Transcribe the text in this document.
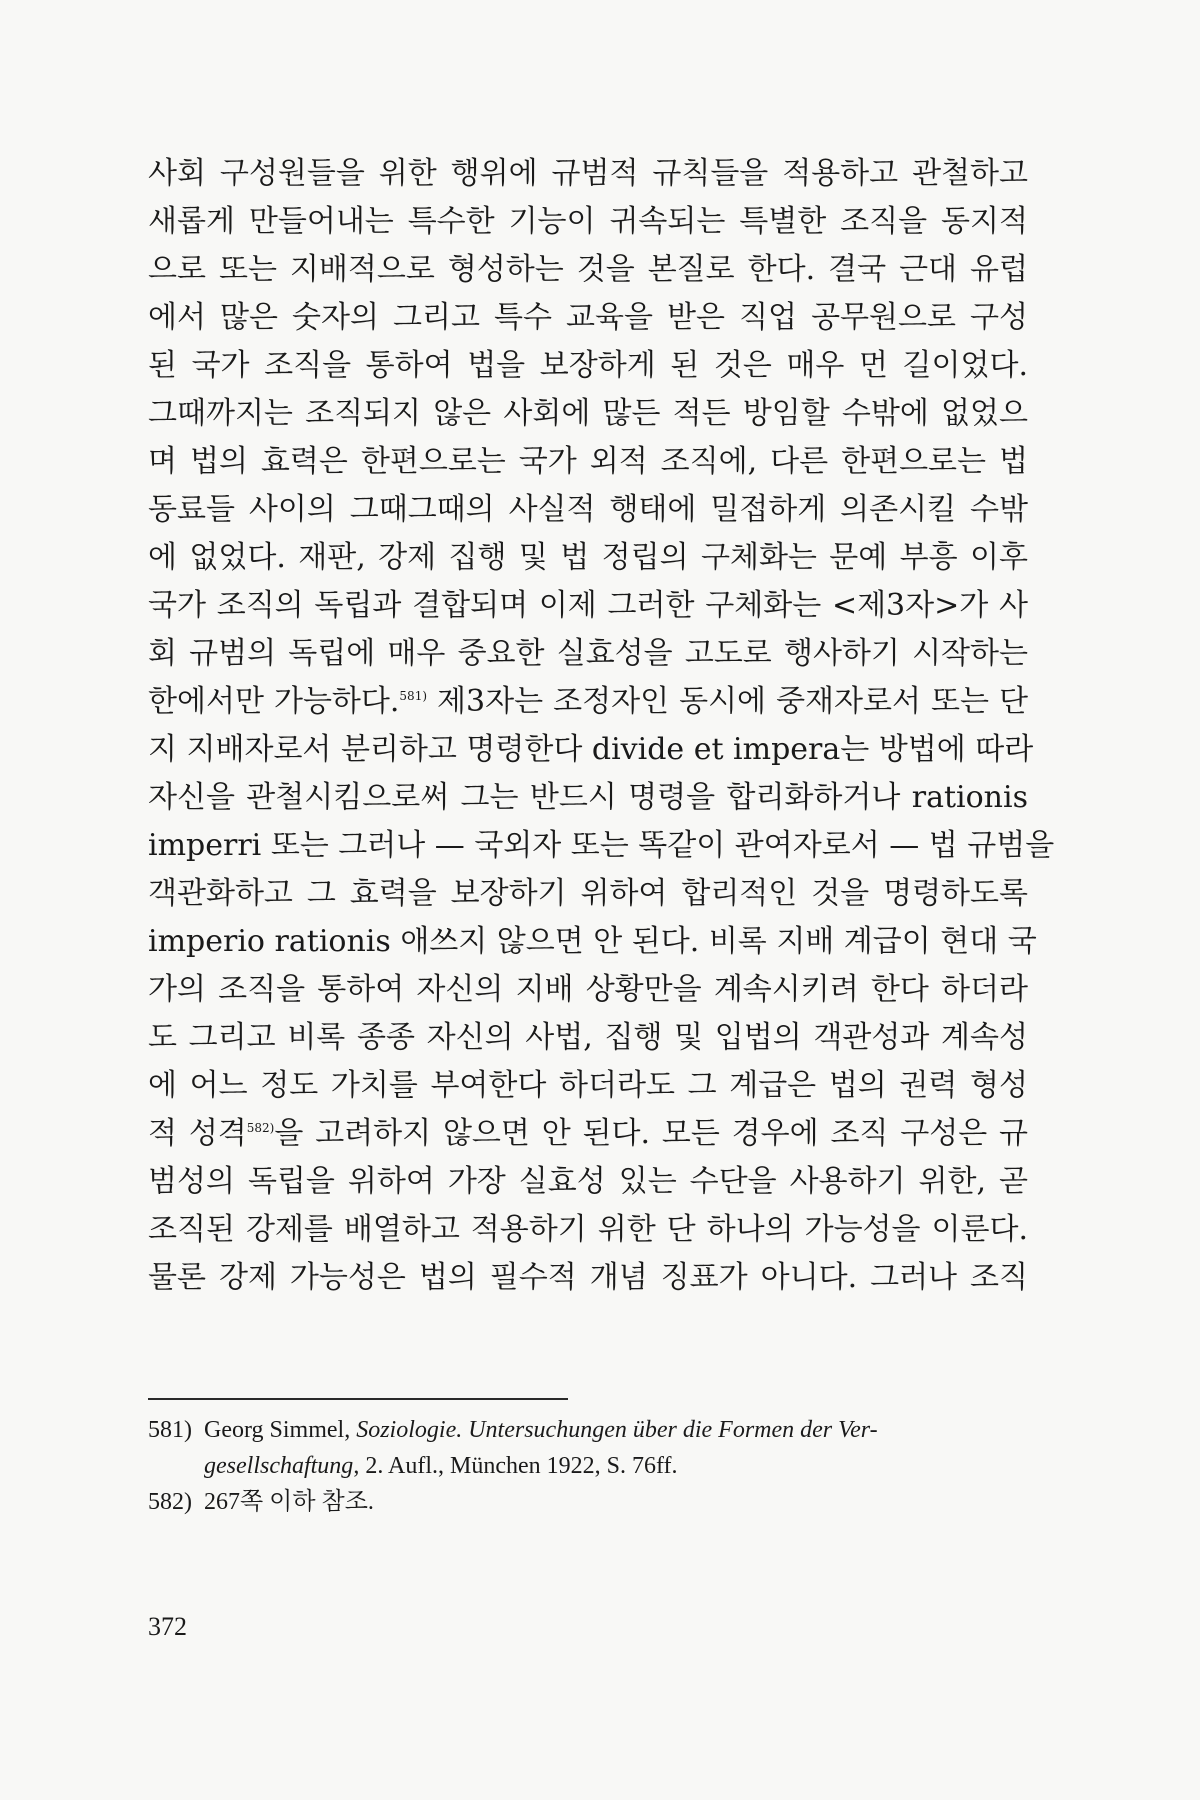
사회 구성원들을 위한 행위에 규범적 규칙들을 적용하고 관철하고
새롭게 만들어내는 특수한 기능이 귀속되는 특별한 조직을 동지적
으로 또는 지배적으로 형성하는 것을 본질로 한다. 결국 근대 유럽
에서 많은 숫자의 그리고 특수 교육을 받은 직업 공무원으로 구성
된 국가 조직을 통하여 법을 보장하게 된 것은 매우 먼 길이었다.
그때까지는 조직되지 않은 사회에 많든 적든 방임할 수밖에 없었으
며 법의 효력은 한편으로는 국가 외적 조직에, 다른 한편으로는 법
동료들 사이의 그때그때의 사실적 행태에 밀접하게 의존시킬 수밖
에 없었다. 재판, 강제 집행 및 법 정립의 구체화는 문예 부흥 이후
국가 조직의 독립과 결합되며 이제 그러한 구체화는 <제3자>가 사
회 규범의 독립에 매우 중요한 실효성을 고도로 행사하기 시작하는
한에서만 가능하다.$^{581)}$ 제3자는 조정자인 동시에 중재자로서 또는 단
지 지배자로서 분리하고 명령한다 divide et impera는 방법에 따라
자신을 관철시킴으로써 그는 반드시 명령을 합리화하거나 rationis
imperri 또는 그러나 — 국외자 또는 똑같이 관여자로서 — 법 규범을
객관화하고 그 효력을 보장하기 위하여 합리적인 것을 명령하도록
imperio rationis 애쓰지 않으면 안 된다. 비록 지배 계급이 현대 국
가의 조직을 통하여 자신의 지배 상황만을 계속시키려 한다 하더라
도 그리고 비록 종종 자신의 사법, 집행 및 입법의 객관성과 계속성
에 어느 정도 가치를 부여한다 하더라도 그 계급은 법의 권력 형성
적 성격$^{582)}$을 고려하지 않으면 안 된다. 모든 경우에 조직 구성은 규
범성의 독립을 위하여 가장 실효성 있는 수단을 사용하기 위한, 곧
조직된 강제를 배열하고 적용하기 위한 단 하나의 가능성을 이룬다.
물론 강제 가능성은 법의 필수적 개념 징표가 아니다. 그러나 조직
581) Georg Simmel, Soziologie. Untersuchungen über die Formen der Ver-
gesellschaftung, 2. Aufl., München 1922, S. 76ff.
582) 267쪽 이하 참조.
372
